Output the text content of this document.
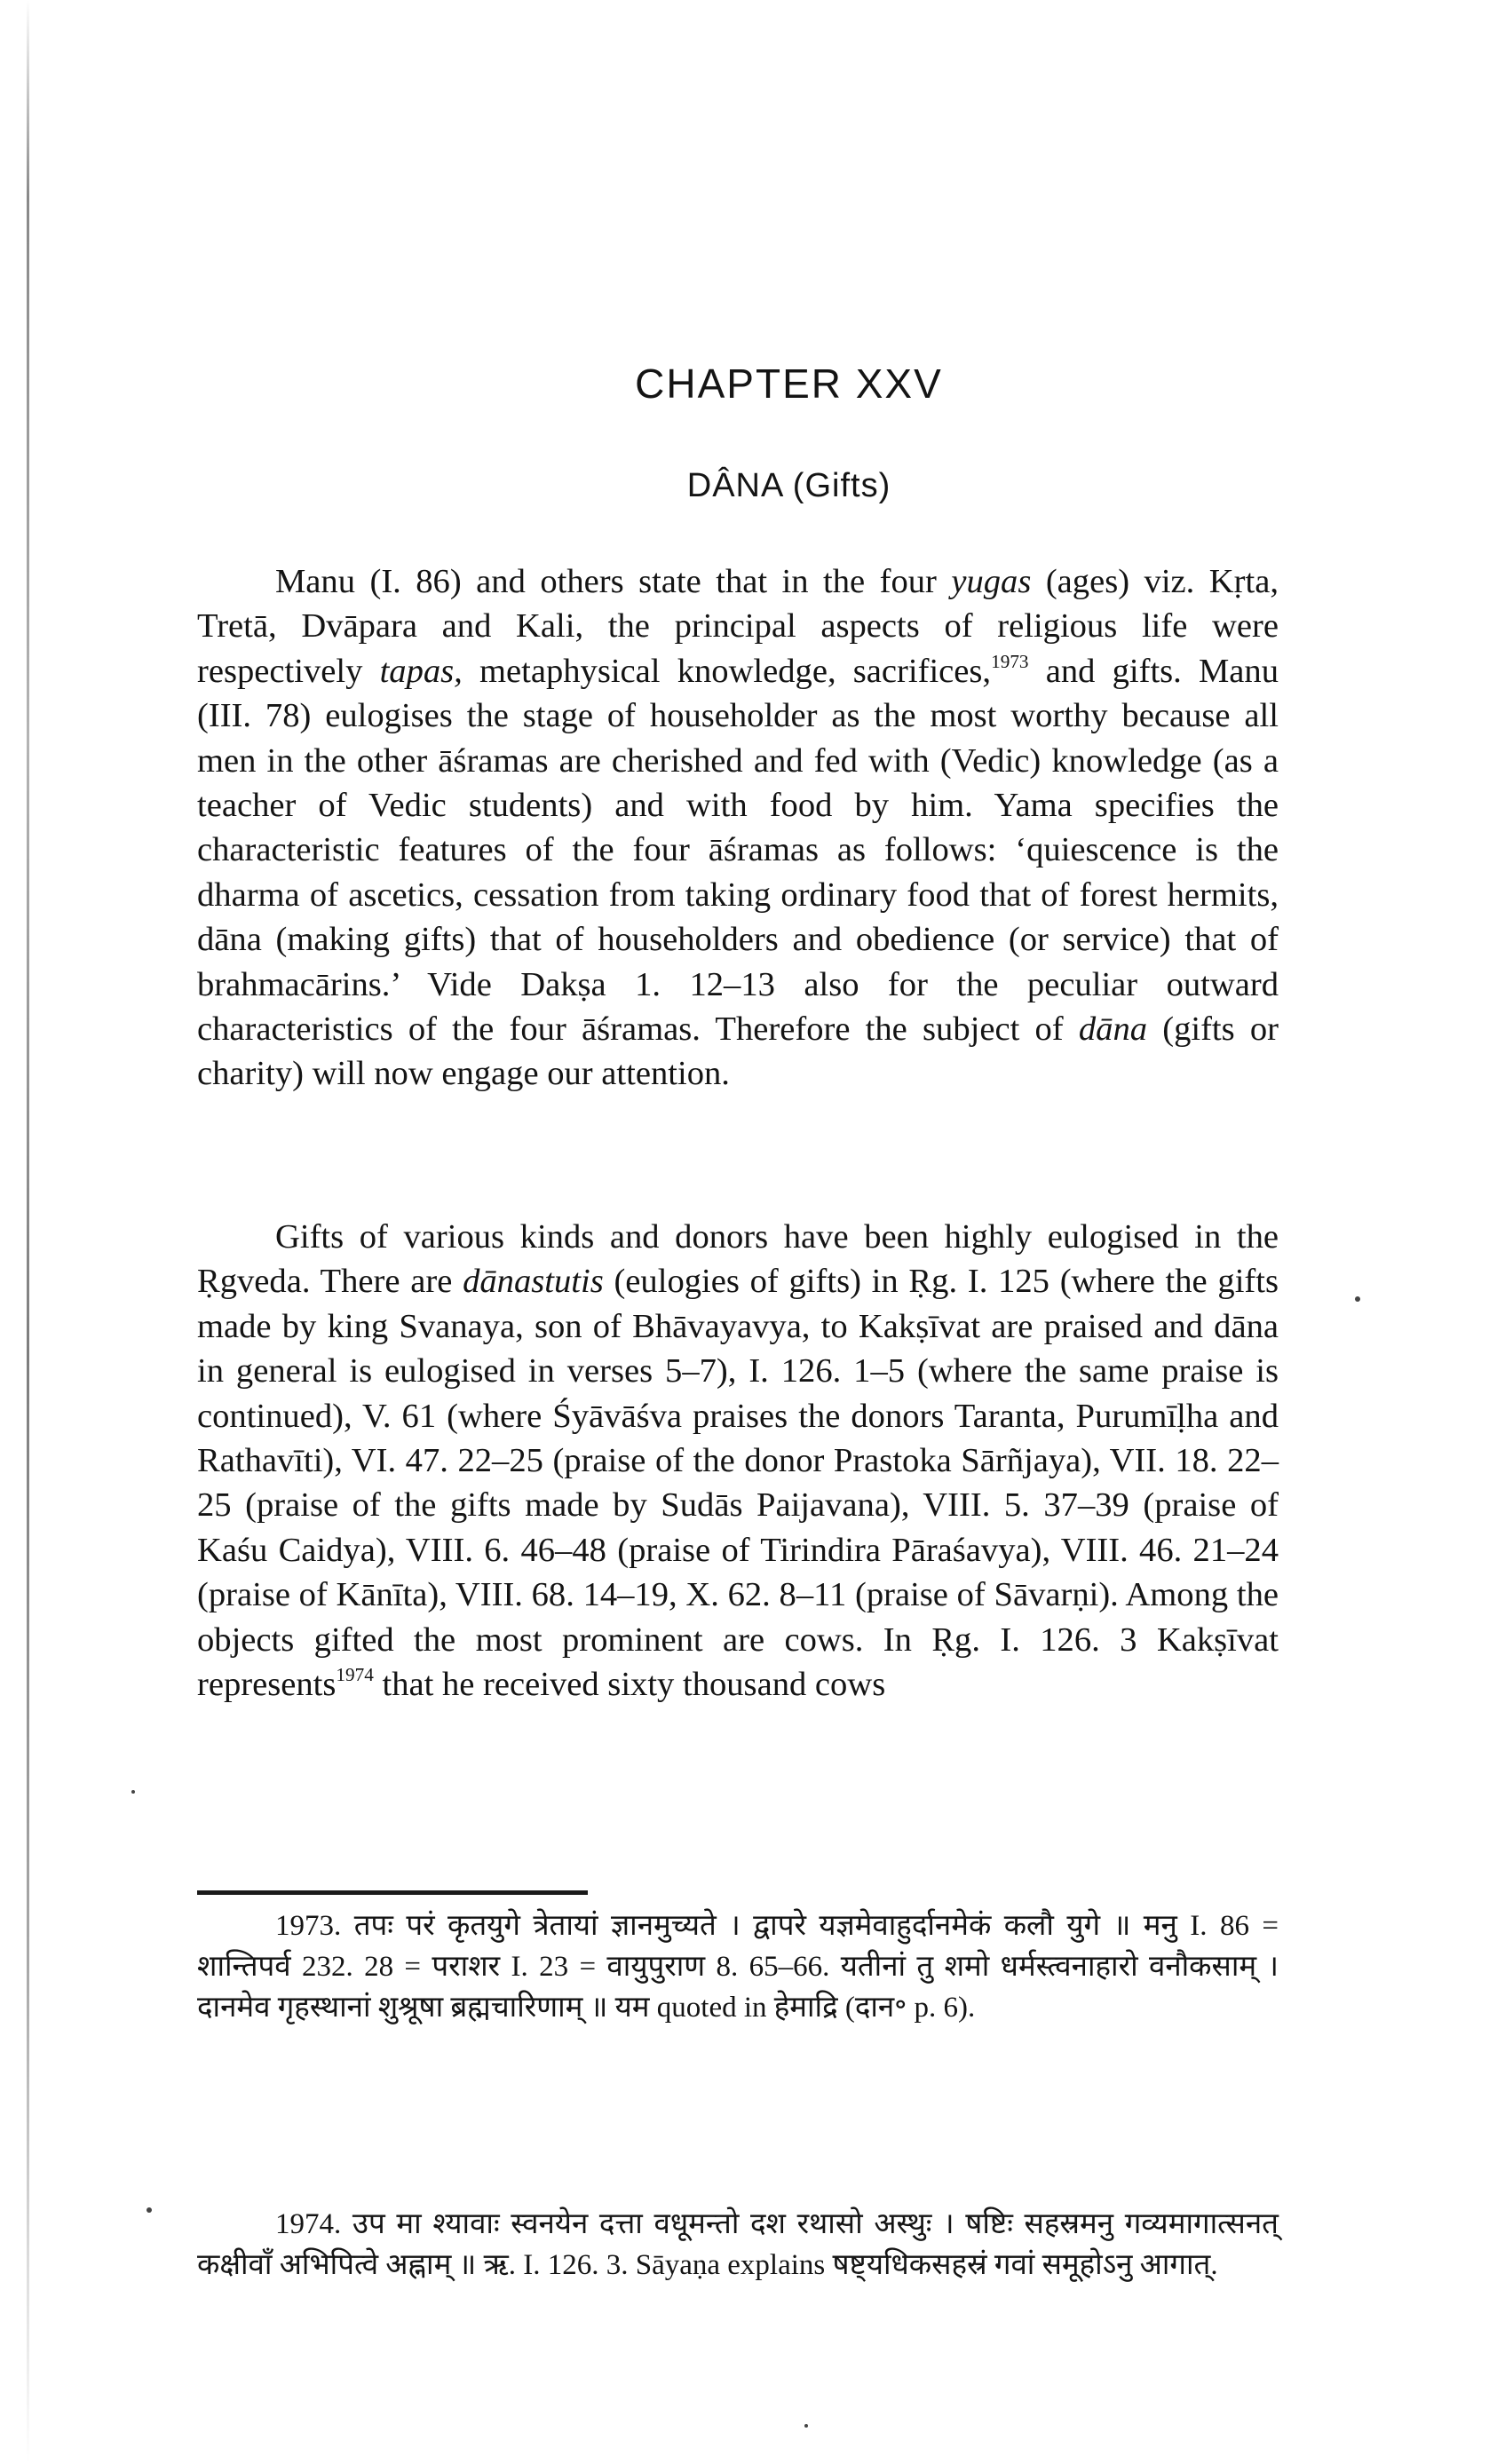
CHAPTER XXV
DÂNA (Gifts)

Manu (I. 86) and others state that in the four yugas (ages) viz. Kṛta, Tretā, Dvāpara and Kali, the principal aspects of religious life were respectively tapas, metaphysical knowledge, sacrifices,$^{1973}$ and gifts. Manu (III. 78) eulogises the stage of householder as the most worthy because all men in the other āśramas are cherished and fed with (Vedic) knowledge (as a teacher of Vedic students) and with food by him. Yama specifies the characteristic features of the four āśramas as follows: ‘quiescence is the dharma of ascetics, cessation from taking ordinary food that of forest hermits, dāna (making gifts) that of householders and obedience (or service) that of brahmacārins.’ Vide Dakṣa 1. 12–13 also for the peculiar outward characteristics of the four āśramas. Therefore the subject of dāna (gifts or charity) will now engage our attention.

Gifts of various kinds and donors have been highly eulogised in the Ṛgveda. There are dānastutis (eulogies of gifts) in Ṛg. I. 125 (where the gifts made by king Svanaya, son of Bhāvayavya, to Kakṣīvat are praised and dāna in general is eulogised in verses 5–7), I. 126. 1–5 (where the same praise is continued), V. 61 (where Śyāvāśva praises the donors Taranta, Purumīḷha and Rathavīti), VI. 47. 22–25 (praise of the donor Prastoka Sārñjaya), VII. 18. 22–25 (praise of the gifts made by Sudās Paijavana), VIII. 5. 37–39 (praise of Kaśu Caidya), VIII. 6. 46–48 (praise of Tirindira Pāraśavya), VIII. 46. 21–24 (praise of Kānīta), VIII. 68. 14–19, X. 62. 8–11 (praise of Sāvarṇi). Among the objects gifted the most prominent are cows. In Ṛg. I. 126. 3 Kakṣīvat represents$^{1974}$ that he received sixty thousand cows

1973. तपः परं कृतयुगे त्रेतायां ज्ञानमुच्यते । द्वापरे यज्ञमेवाहुर्दानमेकं कलौ युगे ॥ मनु I. 86 = शान्तिपर्व 232. 28 = पराशर I. 23 = वायुपुराण 8. 65–66. यतीनां तु शमो धर्मस्त्वनाहारो वनौकसाम् । दानमेव गृहस्थानां शुश्रूषा ब्रह्मचारिणाम् ॥ यम quoted in हेमाद्रि (दान॰ p. 6).

1974. उप मा श्यावाः स्वनयेन दत्ता वधूमन्तो दश रथासो अस्थुः । षष्टिः सहस्रमनु गव्यमागात्सनत् कक्षीवाँ अभिपित्वे अह्नाम् ॥ ऋ. I. 126. 3. Sāyaṇa explains षष्ट्यधिकसहस्रं गवां समूहोऽनु आगात्.
